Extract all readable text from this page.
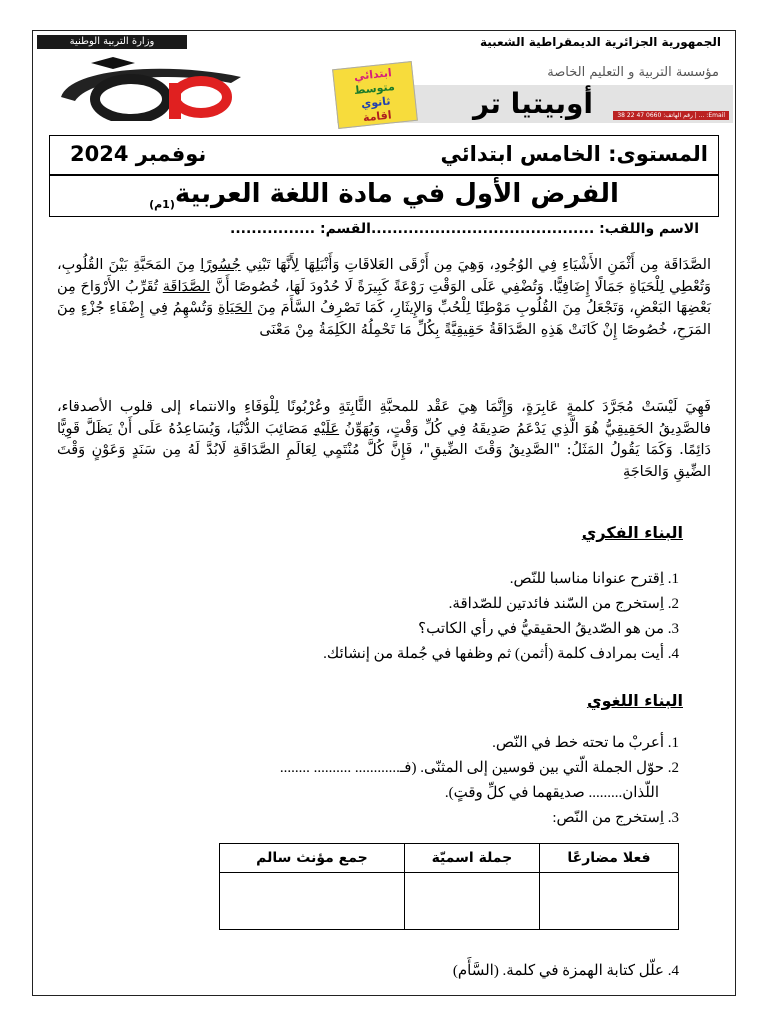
وزارة التربية الوطنية	الجمهورية الجزائرية الديمقراطية الشعبية
مؤسسة التربية و التعليم الخاصة
أوبيتيا تر
ابتدائي
متوسط
ثانوي
اقامة	Email: ... | رقم الهاتف: 0660 47 22 38
المستوى: الخامس ابتدائي
نوفمبر 2024
الفرض الأول في مادة اللغة العربية$_{(1م)}$
الاسم واللقب: ..........................................القسم: ................
الصَّدَاقَة مِن أَثْمَنِ الأَشْيَاءِ فِي الوُجُودِ، وَهِيَ مِن أَرْقَى العَلاقَاتِ وَأَنْبَلِهَا لِأَنَّهَا تَبْنِي جُسُورًا مِنَ المَحَبَّةِ بَيْنَ القُلُوبِ، وَتُعْطِي لِلْحَيَاةِ جَمَالًا إِضَافِيًّا. وَتُضْفِي عَلَى الوَقْتِ رَوْعَةً كَبِيرَةً لَا حُدُودَ لَهَا، خُصُوصًا أَنَّ الصَّدَاقَة تُقَرِّبُ الأَرْوَاحَ مِن بَعْضِهَا البَعْضِ، وَتَجْعَلُ مِنَ القُلُوبِ مَوْطِنًا لِلْحُبِّ وَالإِيثَارِ، كَمَا تَصْرِفُ السَّأَمَ مِنَ الحَيَاةِ وَتُسْهِمُ فِي إِضْفَاءِ جُزْءٍ مِنَ المَرَحِ، خُصُوصًا إِنْ كَانَتْ هَذِهِ الصَّدَاقَةُ حَقِيقِيَّةً بِكُلِّ مَا تَحْمِلُهُ الكَلِمَةُ مِنْ مَعْنَى
فَهِيَ لَيْسَتْ مُجَرَّدَ كلمةٍ عَابِرَةٍ، وَإِنَّمَا هِيَ عَقْد للمحبَّةِ الثَّابِتَةِ وعُرْبُونًا لِلْوَفَاءِ والانتماء إلى قلوب الأصدقاء، فالصَّدِيقُ الحَقِيقِيُّ هُوَ الَّذِي يَدْعَمُ صَدِيقَهُ فِي كُلِّ وَقْتٍ، وَيُهَوِّنُ عَلَيْهِ مَصَائِبَ الدُّنْيَا، وَيُسَاعِدُهُ عَلَى أَنْ يَظَلَّ قَوِيًّا دَائِمًا. وَكَمَا يَقُولُ المَثَلُ: "الصَّدِيقُ وَقْتَ الضِّيقِ"، فَإِنَّ كُلَّ مُنْتَمٍي لِعَالَمِ الصَّدَاقَةِ لَابُدَّ لَهُ مِن سَنَدٍ وَعَوْنٍ وَقْتَ الضِّيقِ وَالحَاجَةِ
البناء الفكري
1. اِقترح عنوانا مناسبا للنّص.
2. اِستخرج من السّند فائدتين للصّداقة.
3. من هو الصّديقُ الحقيقيُّ في رأي الكاتب؟
4. أيت بمرادف كلمة (أثمن) ثم وظفها في جُملة من إنشائك.
البناء اللغوي
1. أعربْ ما تحته خط في النّص.
2. حوّل الجملة الّتي بين قوسين إلى المثنّى. (فـ............ .......... ........
اللّذان......... صديقهما في كلِّ وقتٍ).
3. اِستخرج من النّص:
فعلا مضارعًا	جملة اسميّة	جمع مؤنث سالم

4. علّل كتابة الهمزة في كلمة. (السَّأَم)
